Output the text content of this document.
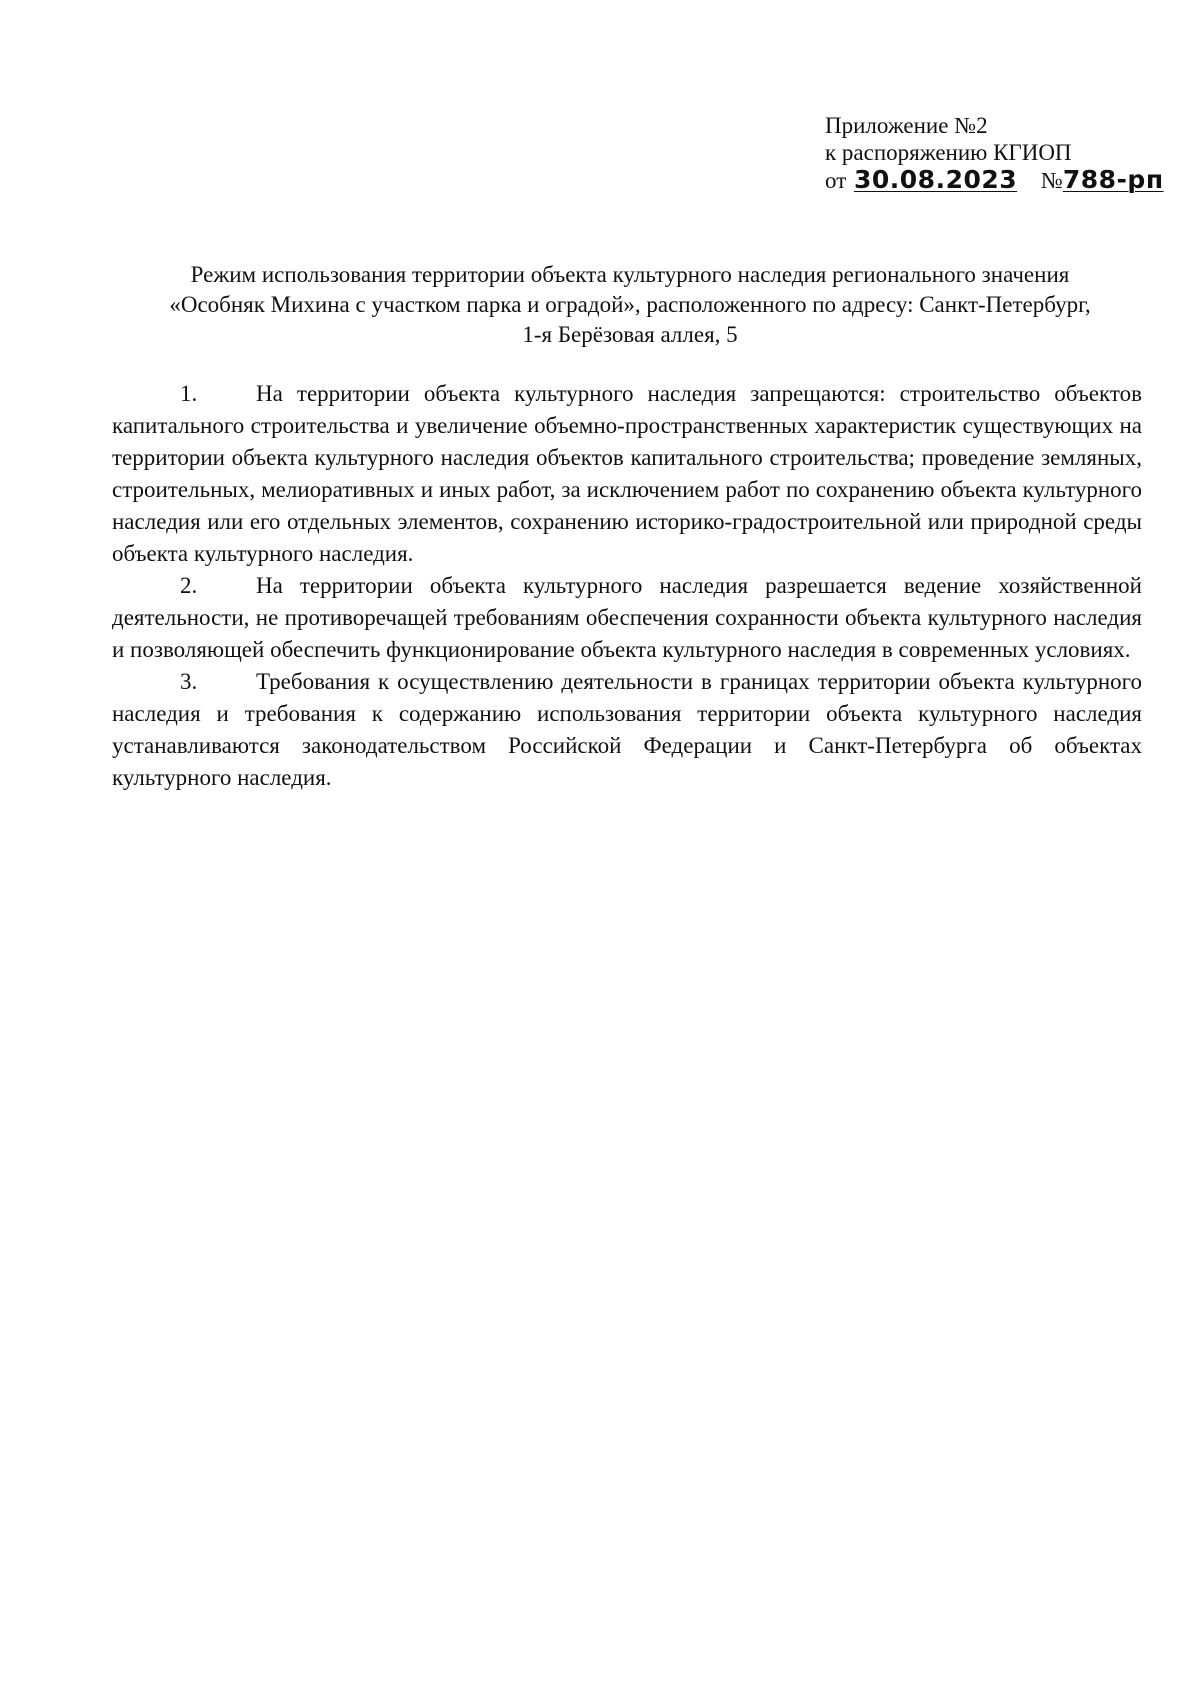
Приложение №2
к распоряжению КГИОП
от 30.08.2023 №788-рп
Режим использования территории объекта культурного наследия регионального значения
«Особняк Михина с участком парка и оградой», расположенного по адресу: Санкт-Петербург,
1-я Берёзовая аллея, 5

1.	На территории объекта культурного наследия запрещаются: строительство объектов капитального строительства и увеличение объемно-пространственных характеристик существующих на территории объекта культурного наследия объектов капитального строительства; проведение земляных, строительных, мелиоративных и иных работ, за исключением работ по сохранению объекта культурного наследия или его отдельных элементов, сохранению историко-градостроительной или природной среды объекта культурного наследия.

2.	На территории объекта культурного наследия разрешается ведение хозяйственной деятельности, не противоречащей требованиям обеспечения сохранности объекта культурного наследия и позволяющей обеспечить функционирование объекта культурного наследия в современных условиях.

3.	Требования к осуществлению деятельности в границах территории объекта культурного наследия и требования к содержанию использования территории объекта культурного наследия устанавливаются законодательством Российской Федерации и Санкт-Петербурга об объектах культурного наследия.
